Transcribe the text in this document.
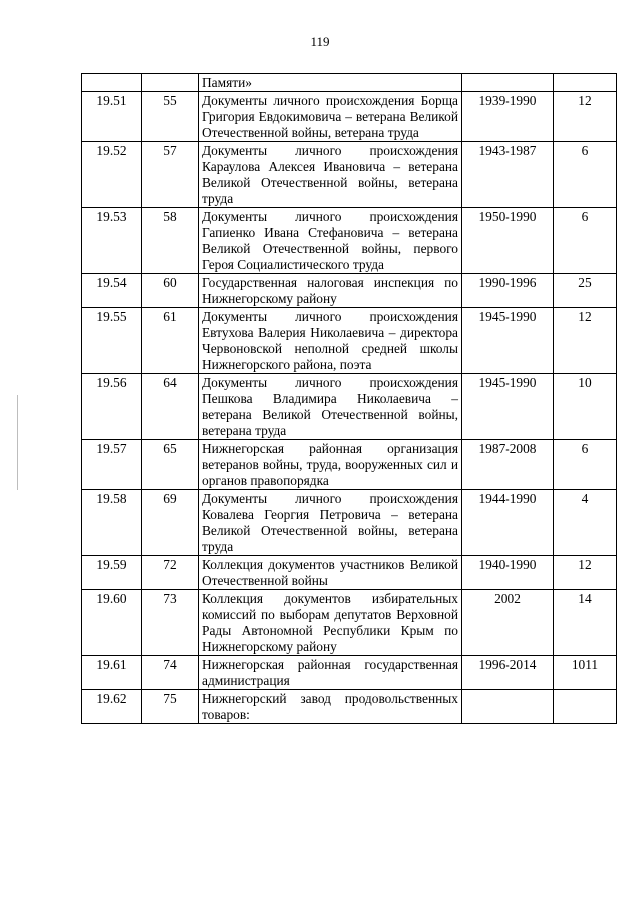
119
		Памяти»		
19.51	55	Документы личного происхождения Борща Григория Евдокимовича – ветерана Великой Отечественной войны, ветерана труда	1939-1990	12
19.52	57	Документы личного происхождения Караулова Алексея Ивановича – ветерана Великой Отечественной войны, ветерана труда	1943-1987	6
19.53	58	Документы личного происхождения Гапиенко Ивана Стефановича – ветерана Великой Отечественной войны, первого Героя Социалистического труда	1950-1990	6
19.54	60	Государственная налоговая инспекция по Нижнегорскому району	1990-1996	25
19.55	61	Документы личного происхождения Евтухова Валерия Николаевича – директора Червоновской неполной средней школы Нижнегорского района, поэта	1945-1990	12
19.56	64	Документы личного происхождения Пешкова Владимира Николаевича – ветерана Великой Отечественной войны, ветерана труда	1945-1990	10
19.57	65	Нижнегорская районная организация ветеранов войны, труда, вооруженных сил и органов правопорядка	1987-2008	6
19.58	69	Документы личного происхождения Ковалева Георгия Петровича – ветерана Великой Отечественной войны, ветерана труда	1944-1990	4
19.59	72	Коллекция документов участников Великой Отечественной войны	1940-1990	12
19.60	73	Коллекция документов избирательных комиссий по выборам депутатов Верховной Рады Автономной Республики Крым по Нижнегорскому району	2002	14
19.61	74	Нижнегорская районная государственная администрация	1996-2014	1011
19.62	75	Нижнегорский завод продовольственных товаров:		
